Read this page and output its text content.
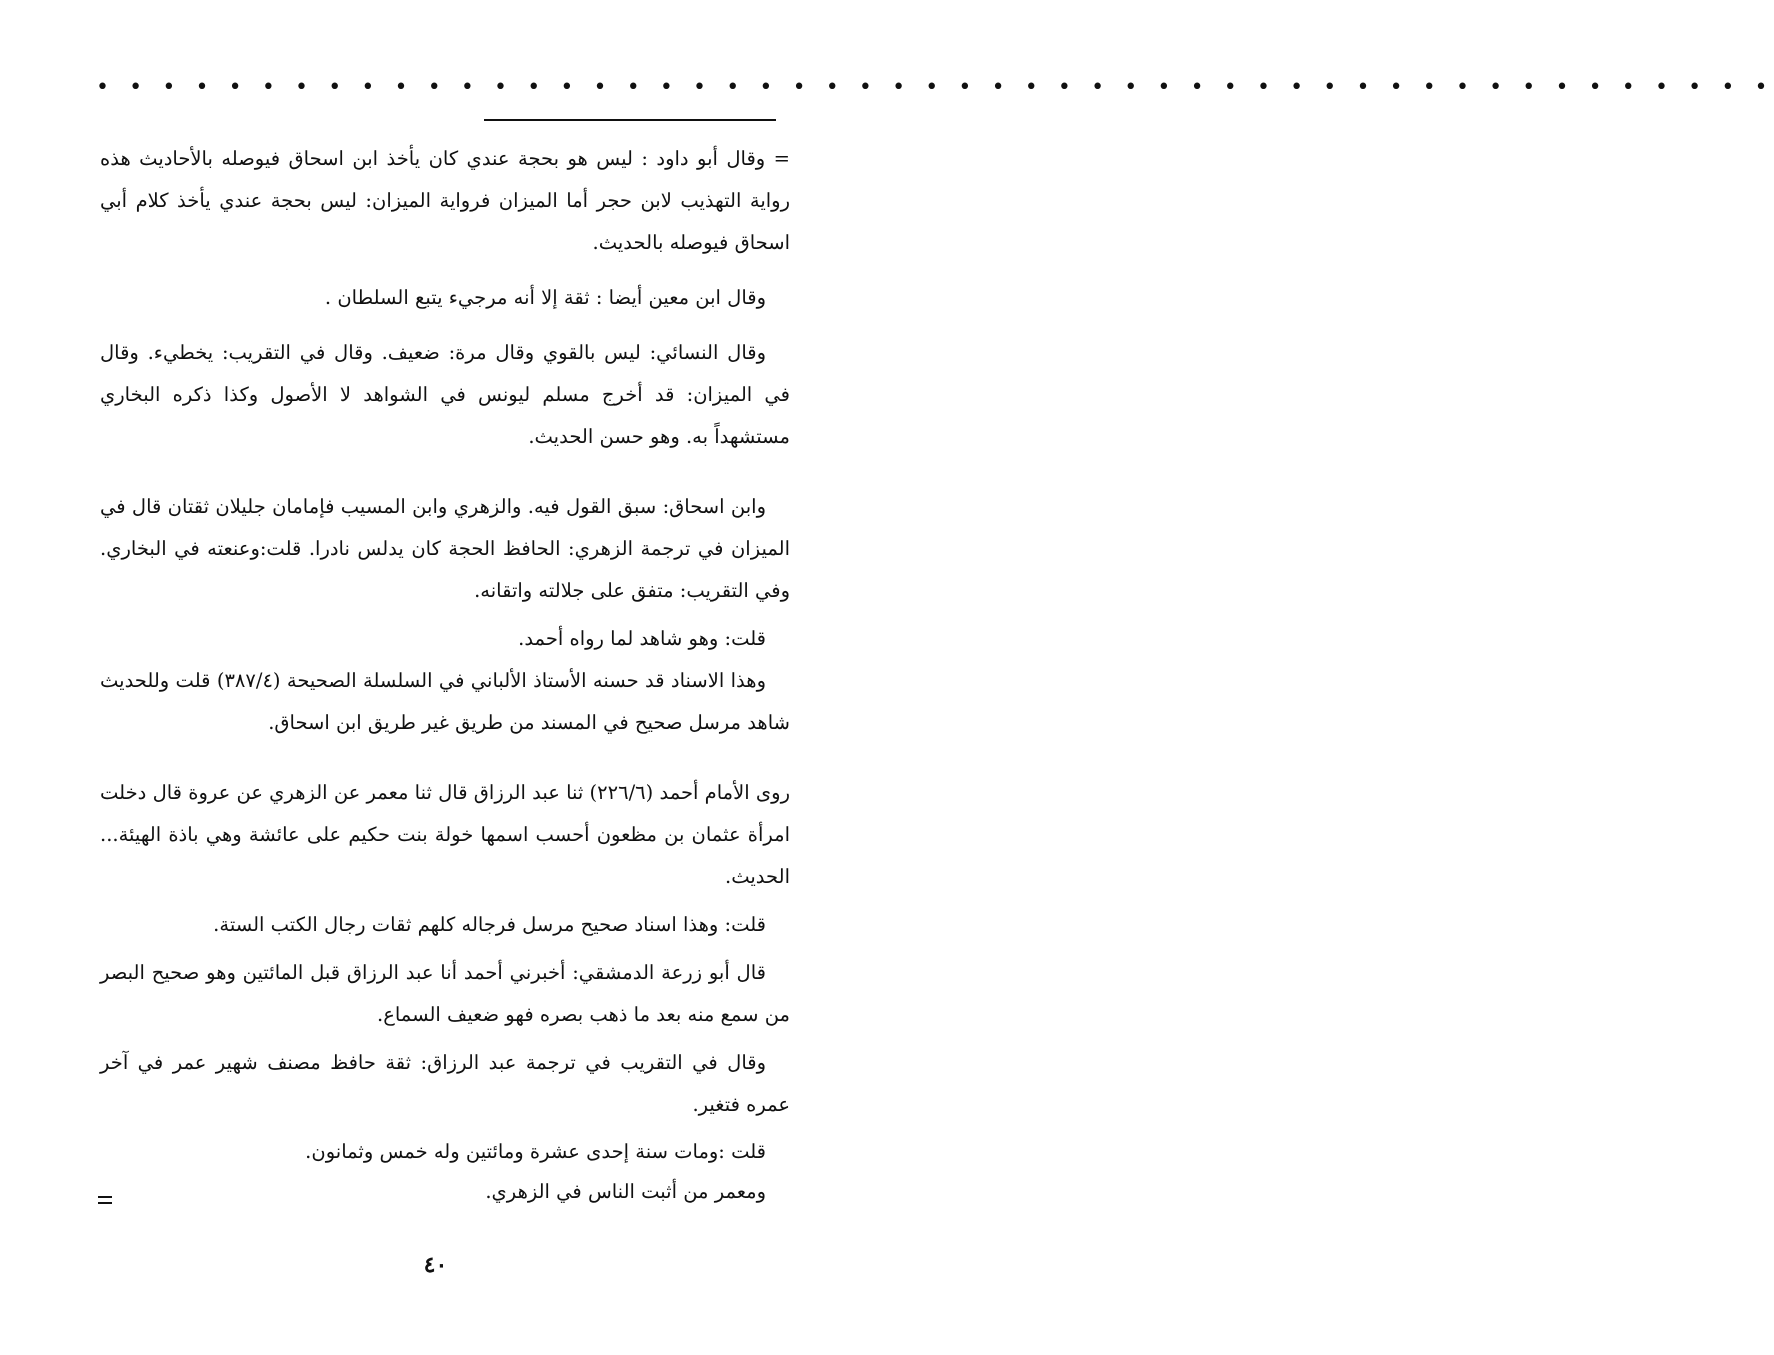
• • • • • • • • • • • • • • • • • • • • • • • • • • • • • • • • • • • • • • • • • • • • • • • • • • •

= وقال أبو داود : ليس هو بحجة عندي كان يأخذ ابن اسحاق فيوصله بالأحاديث هذه رواية التهذيب لابن حجر أما الميزان فرواية الميزان: ليس بحجة عندي يأخذ كلام أبي اسحاق فيوصله بالحديث.

وقال ابن معين أيضا : ثقة إلا أنه مرجيء يتبع السلطان .

وقال النسائي: ليس بالقوي وقال مرة: ضعيف. وقال في التقريب: يخطيء. وقال في الميزان: قد أخرج مسلم ليونس في الشواهد لا الأصول وكذا ذكره البخاري مستشهداً به. وهو حسن الحديث.

وابن اسحاق: سبق القول فيه. والزهري وابن المسيب فإمامان جليلان ثقتان قال في الميزان في ترجمة الزهري: الحافظ الحجة كان يدلس نادرا. قلت:وعنعته في البخاري. وفي التقريب: متفق على جلالته واتقانه.

قلت: وهو شاهد لما رواه أحمد.

وهذا الاسناد قد حسنه الأستاذ الألباني في السلسلة الصحيحة (٣٨٧/٤) قلت وللحديث شاهد مرسل صحيح في المسند من طريق غير طريق ابن اسحاق.

روى الأمام أحمد (٢٢٦/٦) ثنا عبد الرزاق قال ثنا معمر عن الزهري عن عروة قال دخلت امرأة عثمان بن مظعون أحسب اسمها خولة بنت حكيم على عائشة وهي باذة الهيئة... الحديث.

قلت: وهذا اسناد صحيح مرسل فرجاله كلهم ثقات رجال الكتب الستة.

قال أبو زرعة الدمشقي: أخبرني أحمد أنا عبد الرزاق قبل المائتين وهو صحيح البصر من سمع منه بعد ما ذهب بصره فهو ضعيف السماع.

وقال في التقريب في ترجمة عبد الرزاق: ثقة حافظ مصنف شهير عمر في آخر عمره فتغير.

قلت :ومات سنة إحدى عشرة ومائتين وله خمس وثمانون.

ومعمر من أثبت الناس في الزهري.

٤٠
